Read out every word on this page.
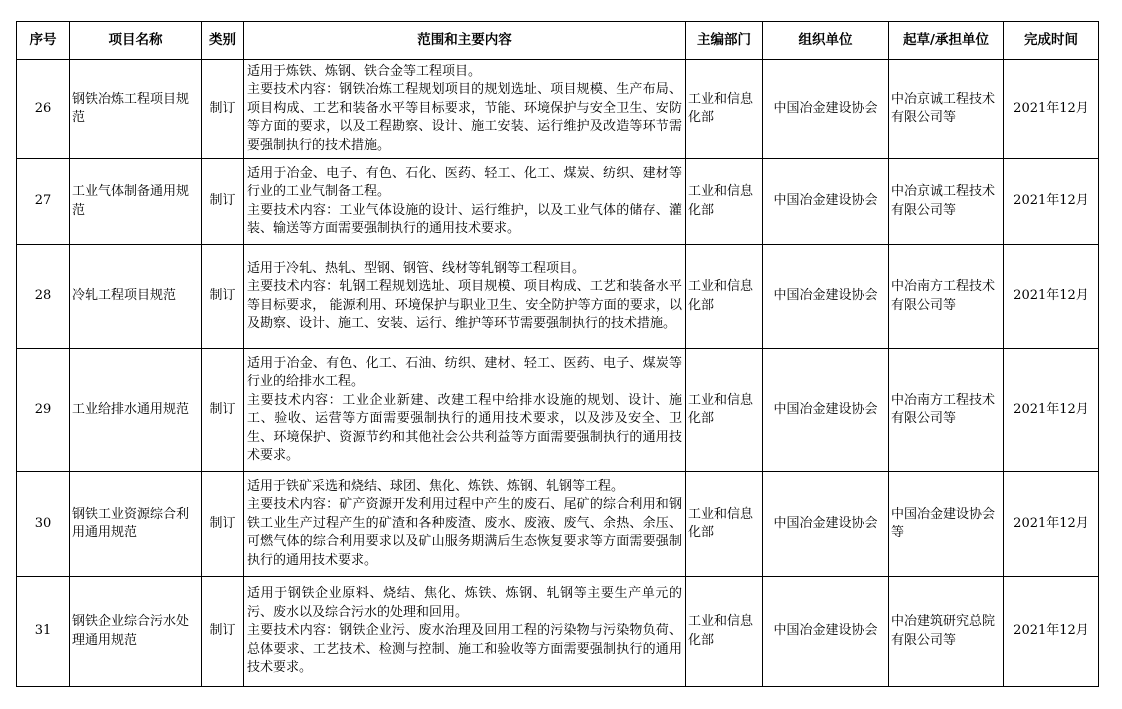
序号	项目名称	类别	范围和主要内容	主编部门	组织单位	起草/承担单位	完成时间
26	钢铁冶炼工程项目规范	制订	适用于炼铁、炼钢、铁合金等工程项目。
主要技术内容：钢铁冶炼工程规划项目的规划选址、项目规模、生产布局、项目构成、工艺和装备水平等目标要求，节能、环境保护与安全卫生、安防等方面的要求，以及工程勘察、设计、施工安装、运行维护及改造等环节需要强制执行的技术措施。	工业和信息化部	中国冶金建设协会	中冶京诚工程技术有限公司等	2021年12月
27	工业气体制备通用规范	制订	适用于冶金、电子、有色、石化、医药、轻工、化工、煤炭、纺织、建材等行业的工业气制备工程。
主要技术内容：工业气体设施的设计、运行维护，以及工业气体的储存、灌装、输送等方面需要强制执行的通用技术要求。	工业和信息化部	中国冶金建设协会	中冶京诚工程技术有限公司等	2021年12月
28	冷轧工程项目规范	制订	适用于冷轧、热轧、型钢、钢管、线材等轧钢等工程项目。
主要技术内容：轧钢工程规划选址、项目规模、项目构成、工艺和装备水平等目标要求， 能源利用、环境保护与职业卫生、安全防护等方面的要求，以及勘察、设计、施工、安装、运行、维护等环节需要强制执行的技术措施。	工业和信息化部	中国冶金建设协会	中冶南方工程技术有限公司等	2021年12月
29	工业给排水通用规范	制订	适用于冶金、有色、化工、石油、纺织、建材、轻工、医药、电子、煤炭等行业的给排水工程。
主要技术内容：工业企业新建、改建工程中给排水设施的规划、设计、施工、验收、运营等方面需要强制执行的通用技术要求，以及涉及安全、卫生、环境保护、资源节约和其他社会公共利益等方面需要强制执行的通用技术要求。	工业和信息化部	中国冶金建设协会	中冶南方工程技术有限公司等	2021年12月
30	钢铁工业资源综合利用通用规范	制订	适用于铁矿采选和烧结、球团、焦化、炼铁、炼钢、轧钢等工程。
主要技术内容：矿产资源开发利用过程中产生的废石、尾矿的综合利用和钢铁工业生产过程产生的矿渣和各种废渣、废水、废液、废气、余热、余压、可燃气体的综合利用要求以及矿山服务期满后生态恢复要求等方面需要强制执行的通用技术要求。	工业和信息化部	中国冶金建设协会	中国冶金建设协会等	2021年12月
31	钢铁企业综合污水处理通用规范	制订	适用于钢铁企业原料、烧结、焦化、炼铁、炼钢、轧钢等主要生产单元的污、废水以及综合污水的处理和回用。
主要技术内容：钢铁企业污、废水治理及回用工程的污染物与污染物负荷、总体要求、工艺技术、检测与控制、施工和验收等方面需要强制执行的通用技术要求。	工业和信息化部	中国冶金建设协会	中冶建筑研究总院有限公司等	2021年12月
